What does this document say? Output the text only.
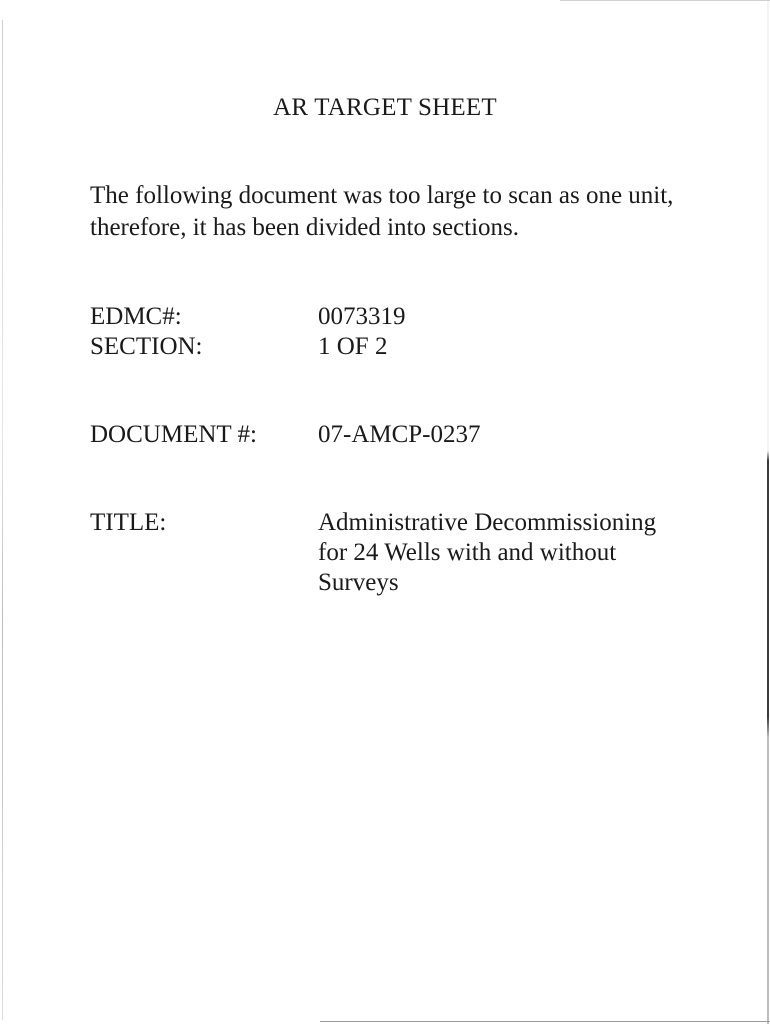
AR TARGET SHEET

The following document was too large to scan as one unit,

therefore, it has been divided into sections.

EDMC#:	0073319
SECTION:	1 OF 2
DOCUMENT #: 07-AMCP-0237
TITLE:	Administrative Decommissioning
for 24 Wells with and without
Surveys
